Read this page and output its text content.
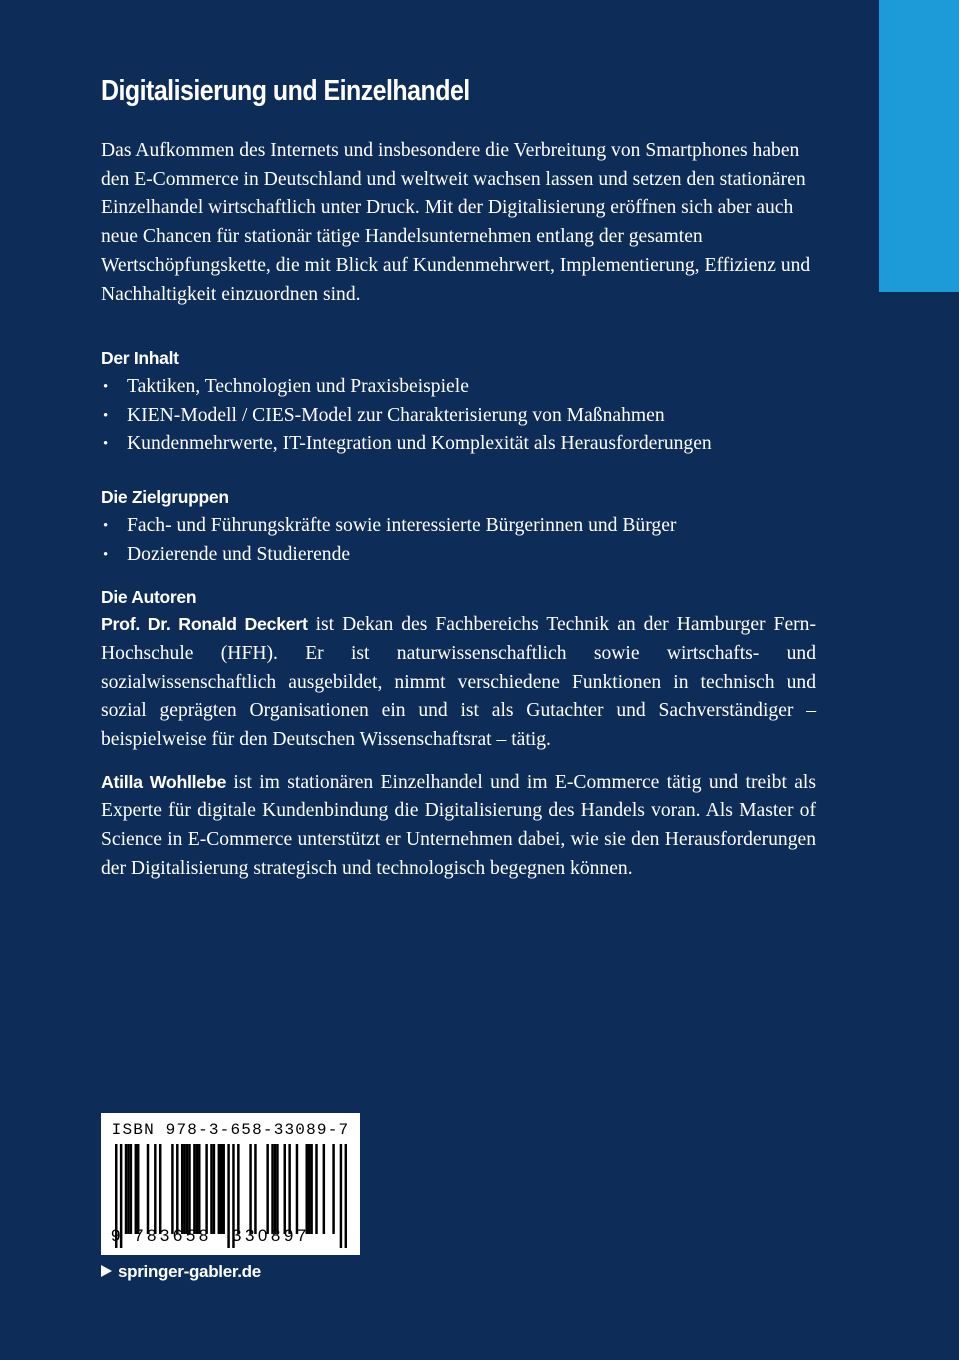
Digitalisierung und Einzelhandel

Das Aufkommen des Internets und insbesondere die Verbreitung von Smartphones haben den E-Commerce in Deutschland und weltweit wachsen lassen und setzen den stationären Einzelhandel wirtschaftlich unter Druck. Mit der Digitalisierung eröffnen sich aber auch neue Chancen für stationär tätige Handelsunternehmen entlang der gesamten Wertschöpfungskette, die mit Blick auf Kundenmehrwert, Implementierung, Effizienz und Nachhaltigkeit einzuordnen sind.

Der Inhalt
• Taktiken, Technologien und Praxisbeispiele
• KIEN-Modell / CIES-Model zur Charakterisierung von Maßnahmen
• Kundenmehrwerte, IT-Integration und Komplexität als Herausforderungen
Die Zielgruppen
• Fach- und Führungskräfte sowie interessierte Bürgerinnen und Bürger
• Dozierende und Studierende
Die Autoren

Prof. Dr. Ronald Deckert ist Dekan des Fachbereichs Technik an der Hamburger Fern-Hochschule (HFH). Er ist naturwissenschaftlich sowie wirtschafts- und sozialwissenschaftlich ausgebildet, nimmt verschiedene Funktionen in technisch und sozial geprägten Organisationen ein und ist als Gutachter und Sachverständiger – beispielweise für den Deutschen Wissenschaftsrat – tätig.

Atilla Wohllebe ist im stationären Einzelhandel und im E-Commerce tätig und treibt als Experte für digitale Kundenbindung die Digitalisierung des Handels voran. Als Master of Science in E-Commerce unterstützt er Unternehmen dabei, wie sie den Herausforderungen der Digitalisierung strategisch und technologisch begegnen können.

ISBN 978-3-658-33089-7
9 783658 330897
springer-gabler.de
